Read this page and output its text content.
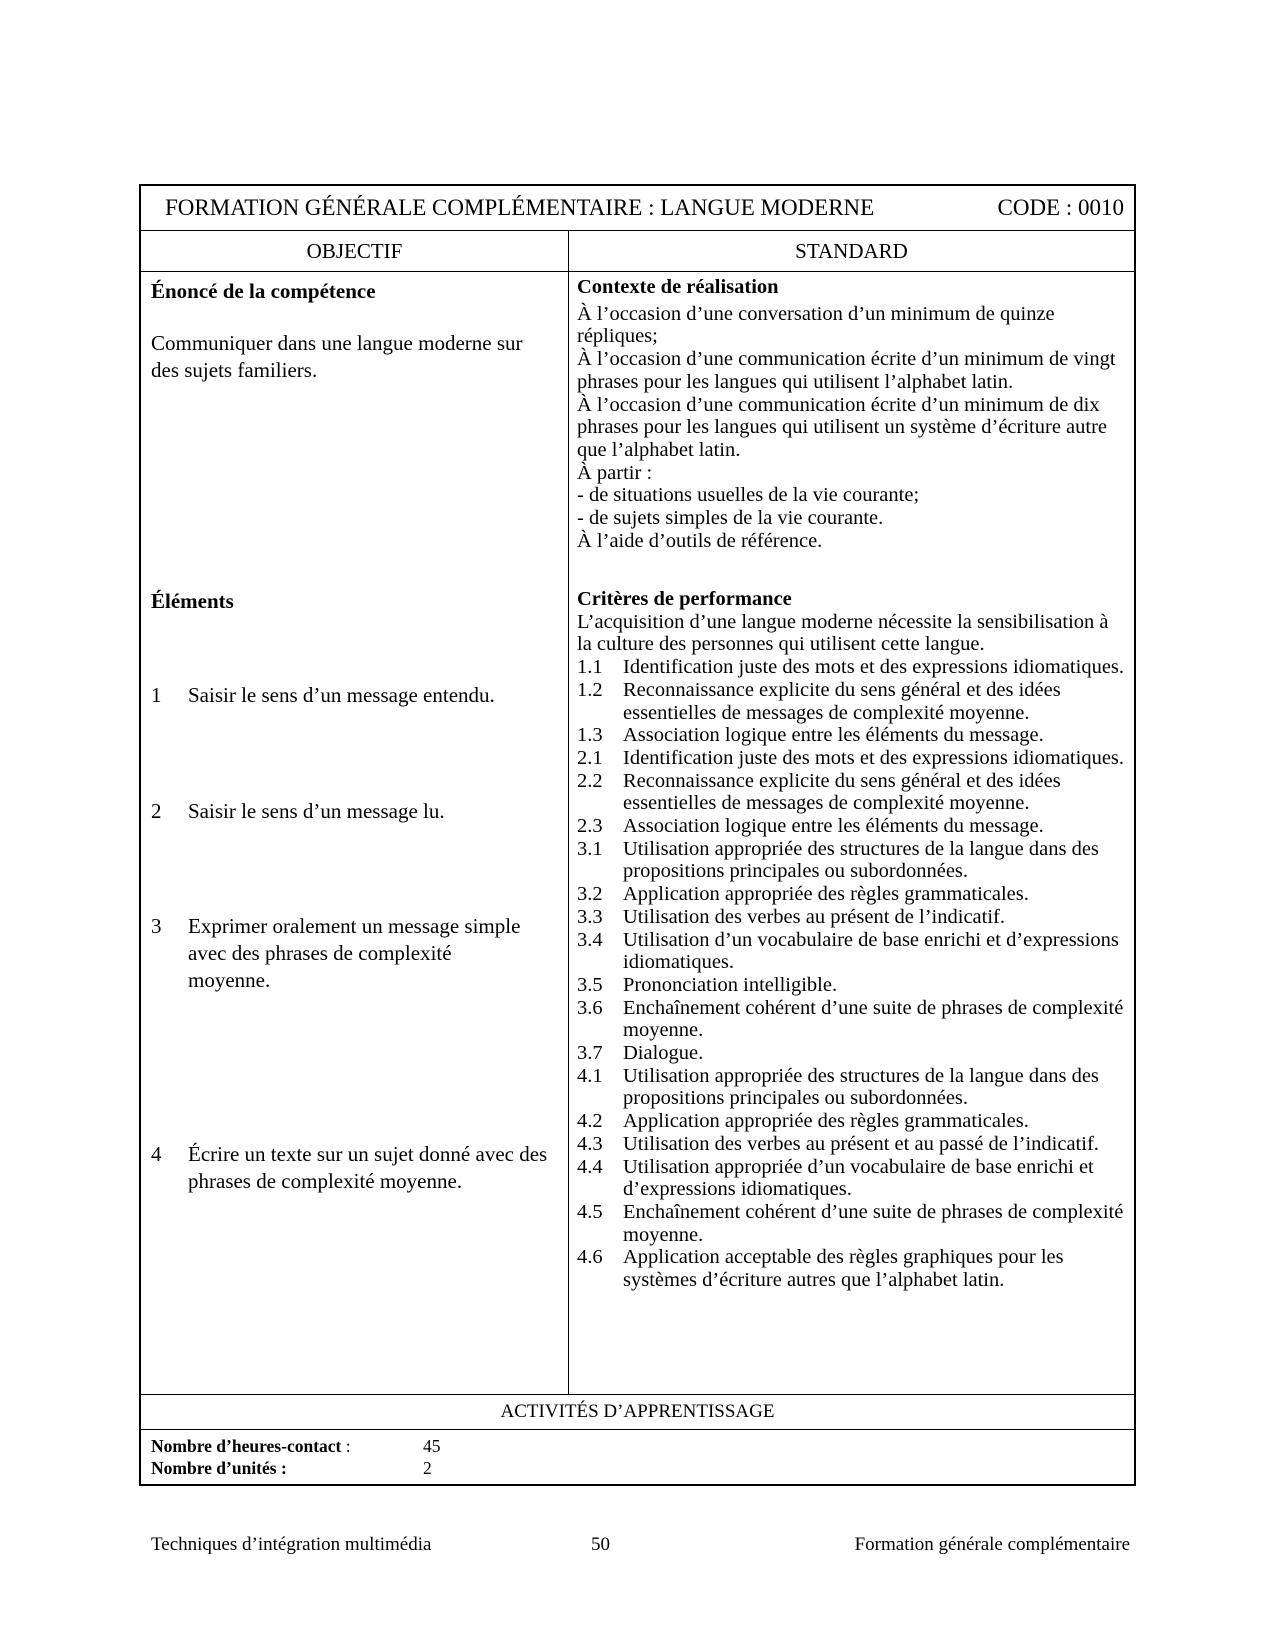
FORMATION GÉNÉRALE COMPLÉMENTAIRE : LANGUE MODERNE	CODE : 0010
OBJECTIF	STANDARD
Énoncé de la compétence
Communiquer dans une langue moderne sur des sujets familiers.
Éléments
1 Saisir le sens d’un message entendu.
2 Saisir le sens d’un message lu.
3 Exprimer oralement un message simple avec des phrases de complexité moyenne.
4 Écrire un texte sur un sujet donné avec des phrases de complexité moyenne.
Contexte de réalisation
À l’occasion d’une conversation d’un minimum de quinze répliques;
À l’occasion d’une communication écrite d’un minimum de vingt phrases pour les langues qui utilisent l’alphabet latin.
À l’occasion d’une communication écrite d’un minimum de dix phrases pour les langues qui utilisent un système d’écriture autre que l’alphabet latin.
À partir :
- de situations usuelles de la vie courante;
- de sujets simples de la vie courante.
À l’aide d’outils de référence.
Critères de performance
L’acquisition d’une langue moderne nécessite la sensibilisation à la culture des personnes qui utilisent cette langue.
1.1 Identification juste des mots et des expressions idiomatiques.
1.2 Reconnaissance explicite du sens général et des idées essentielles de messages de complexité moyenne.
1.3 Association logique entre les éléments du message.
2.1 Identification juste des mots et des expressions idiomatiques.
2.2 Reconnaissance explicite du sens général et des idées essentielles de messages de complexité moyenne.
2.3 Association logique entre les éléments du message.
3.1 Utilisation appropriée des structures de la langue dans des propositions principales ou subordonnées.
3.2 Application appropriée des règles grammaticales.
3.3 Utilisation des verbes au présent de l’indicatif.
3.4 Utilisation d’un vocabulaire de base enrichi et d’expressions idiomatiques.
3.5 Prononciation intelligible.
3.6 Enchaînement cohérent d’une suite de phrases de complexité moyenne.
3.7 Dialogue.
4.1 Utilisation appropriée des structures de la langue dans des propositions principales ou subordonnées.
4.2 Application appropriée des règles grammaticales.
4.3 Utilisation des verbes au présent et au passé de l’indicatif.
4.4 Utilisation appropriée d’un vocabulaire de base enrichi et d’expressions idiomatiques.
4.5 Enchaînement cohérent d’une suite de phrases de complexité moyenne.
4.6 Application acceptable des règles graphiques pour les systèmes d’écriture autres que l’alphabet latin.
ACTIVITÉS D’APPRENTISSAGE
Nombre d’heures-contact :	45
Nombre d’unités :	2
Techniques d’intégration multimédia	50	Formation générale complémentaire
